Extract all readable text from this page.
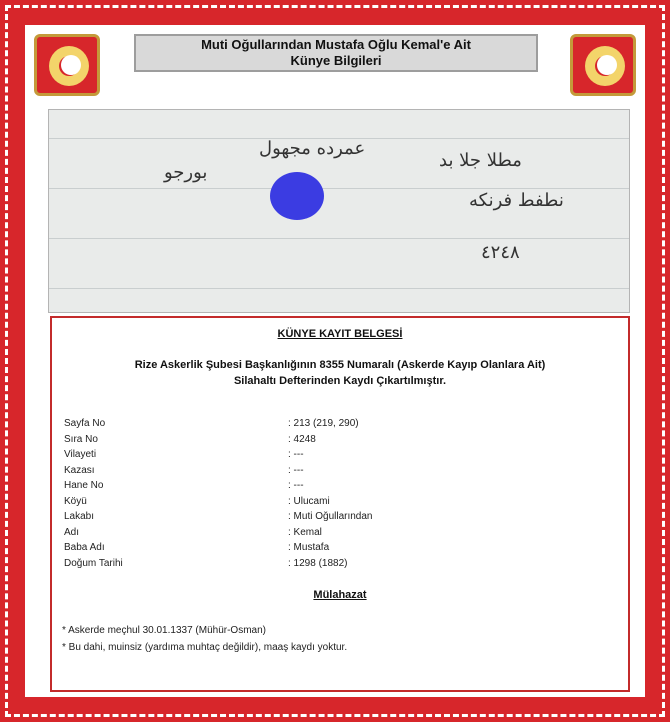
Muti Oğullarından Mustafa Oğlu Kemal'e Ait
Künye Bilgileri
مطلا جلا بد
نطفط فرنكه
عمرده مجهول
بورجو
٤٢٤٨
KÜNYE KAYIT BELGESİ
Rize Askerlik Şubesi Başkanlığının 8355 Numaralı (Askerde Kayıp Olanlara Ait)
Silahaltı Defterinden Kaydı Çıkartılmıştır.
Sayfa No	: 213 (219, 290)
Sıra No	: 4248
Vilayeti	: ---
Kazası	: ---
Hane No	: ---
Köyü	: Ulucami
Lakabı	: Muti Oğullarından
Adı	: Kemal
Baba Adı	: Mustafa
Doğum Tarihi	: 1298 (1882)
Mülahazat
* Askerde meçhul 30.01.1337 (Mühür-Osman)
* Bu dahi, muinsiz (yardıma muhtaç değildir), maaş kaydı yoktur.
